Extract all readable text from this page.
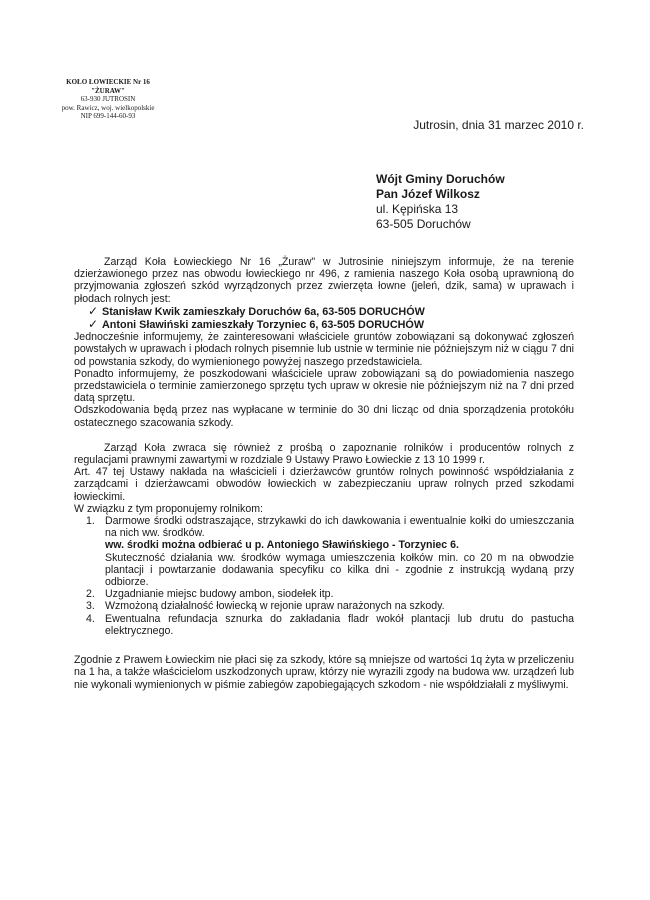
KOŁO ŁOWIECKIE Nr 16
"ŻURAW"
63-930 JUTROSIN
pow. Rawicz, woj. wielkopolskie
NIP 699-144-60-93
Jutrosin, dnia 31 marzec 2010 r.
Wójt Gminy Doruchów
Pan Józef Wilkosz
ul. Kępińska 13
63-505 Doruchów

Zarząd Koła Łowieckiego Nr 16 „Żuraw" w Jutrosinie niniejszym informuje, że na terenie dzierżawionego przez nas obwodu łowieckiego nr 496, z ramienia naszego Koła osobą uprawnioną do przyjmowania zgłoszeń szkód wyrządzonych przez zwierzęta łowne (jeleń, dzik, sama) w uprawach i płodach rolnych jest:

✓ Stanisław Kwik zamieszkały Doruchów 6a, 63-505 DORUCHÓW
✓ Antoni Sławiński zamieszkały Torzyniec 6, 63-505 DORUCHÓW

Jednocześnie informujemy, że zainteresowani właściciele gruntów zobowiązani są dokonywać zgłoszeń powstałych w uprawach i płodach rolnych pisemnie lub ustnie w terminie nie późniejszym niż w ciągu 7 dni od powstania szkody, do wymienionego powyżej naszego przedstawiciela.

Ponadto informujemy, że poszkodowani właściciele upraw zobowiązani są do powiadomienia naszego przedstawiciela o terminie zamierzonego sprzętu tych upraw w okresie nie późniejszym niż na 7 dni przed datą sprzętu.

Odszkodowania będą przez nas wypłacane w terminie do 30 dni licząc od dnia sporządzenia protokółu ostatecznego szacowania szkody.

Zarząd Koła zwraca się również z prośbą o zapoznanie rolników i producentów rolnych z regulacjami prawnymi zawartymi w rozdziale 9 Ustawy Prawo Łowieckie z 13 10 1999 r.

Art. 47 tej Ustawy nakłada na właścicieli i dzierżawców gruntów rolnych powinność współdziałania z zarządcami i dzierżawcami obwodów łowieckich w zabezpieczaniu upraw rolnych przed szkodami łowieckimi.

W związku z tym proponujemy rolnikom:

1. Darmowe środki odstraszające, strzykawki do ich dawkowania i ewentualnie kołki do umieszczania na nich ww. środków.
ww. środki można odbierać u p. Antoniego Sławińskiego - Torzyniec 6.
Skuteczność działania ww. środków wymaga umieszczenia kołków min. co 20 m na obwodzie plantacji i powtarzanie dodawania specyfiku co kilka dni - zgodnie z instrukcją wydaną przy odbiorze.
2. Uzgadnianie miejsc budowy ambon, siodełek itp.
3. Wzmożoną działalność łowiecką w rejonie upraw narażonych na szkody.
4. Ewentualna refundacja sznurka do zakładania fladr wokół plantacji lub drutu do pastucha elektrycznego.

Zgodnie z Prawem Łowieckim nie płaci się za szkody, które są mniejsze od wartości 1q żyta w przeliczeniu na 1 ha, a także właścicielom uszkodzonych upraw, którzy nie wyrazili zgody na budowa ww. urządzeń lub nie wykonali wymienionych w piśmie zabiegów zapobiegających szkodom - nie współdziałali z myśliwymi.
